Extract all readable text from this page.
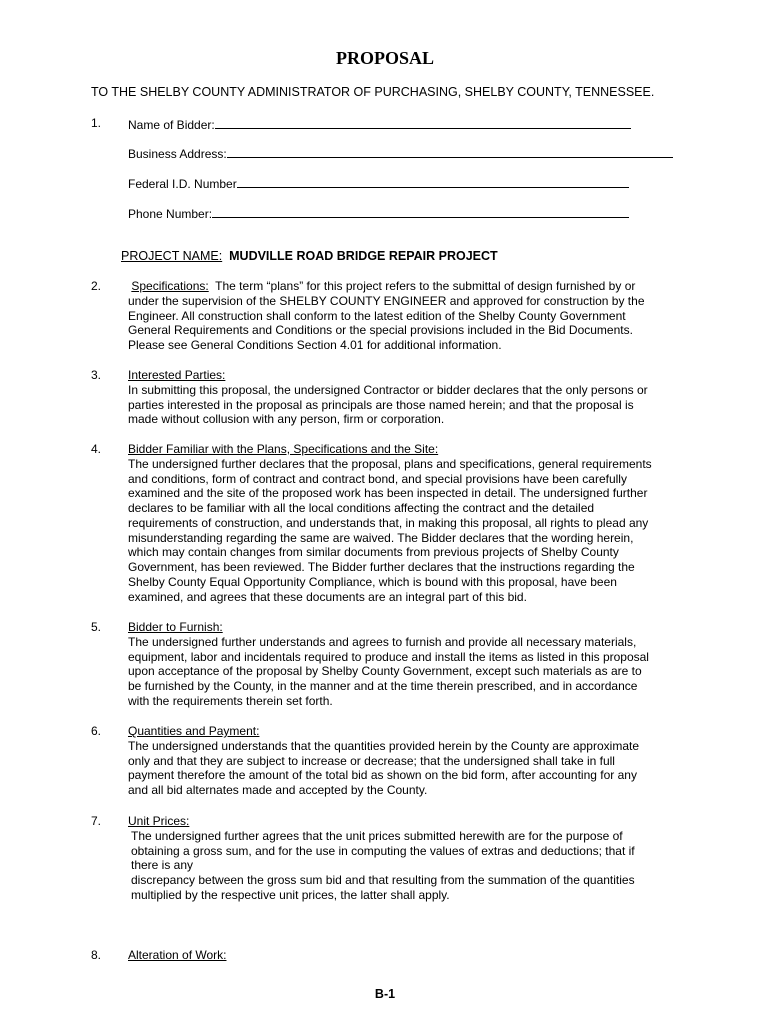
PROPOSAL
TO THE SHELBY COUNTY ADMINISTRATOR OF PURCHASING, SHELBY COUNTY, TENNESSEE.
1. Name of Bidder:
Business Address:
Federal I.D. Number
Phone Number:
PROJECT NAME: MUDVILLE ROAD BRIDGE REPAIR PROJECT
2.	Specifications: The term “plans” for this project refers to the submittal of design furnished by or

under the supervision of the SHELBY COUNTY ENGINEER and approved for construction by the

Engineer. All construction shall conform to the latest edition of the Shelby County Government

General Requirements and Conditions or the special provisions included in the Bid Documents.

Please see General Conditions Section 4.01 for additional information.

3. Interested Parties:

In submitting this proposal, the undersigned Contractor or bidder declares that the only persons or

parties interested in the proposal as principals are those named herein; and that the proposal is

made without collusion with any person, firm or corporation.

4. Bidder Familiar with the Plans, Specifications and the Site:

The undersigned further declares that the proposal, plans and specifications, general requirements

and conditions, form of contract and contract bond, and special provisions have been carefully

examined and the site of the proposed work has been inspected in detail. The undersigned further

declares to be familiar with all the local conditions affecting the contract and the detailed

requirements of construction, and understands that, in making this proposal, all rights to plead any

misunderstanding regarding the same are waived. The Bidder declares that the wording herein,

which may contain changes from similar documents from previous projects of Shelby County

Government, has been reviewed. The Bidder further declares that the instructions regarding the

Shelby County Equal Opportunity Compliance, which is bound with this proposal, have been

examined, and agrees that these documents are an integral part of this bid.

5. Bidder to Furnish:

The undersigned further understands and agrees to furnish and provide all necessary materials,

equipment, labor and incidentals required to produce and install the items as listed in this proposal

upon acceptance of the proposal by Shelby County Government, except such materials as are to

be furnished by the County, in the manner and at the time therein prescribed, and in accordance

with the requirements therein set forth.

6. Quantities and Payment:

The undersigned understands that the quantities provided herein by the County are approximate

only and that they are subject to increase or decrease; that the undersigned shall take in full

payment therefore the amount of the total bid as shown on the bid form, after accounting for any

and all bid alternates made and accepted by the County.

7. Unit Prices:

The undersigned further agrees that the unit prices submitted herewith are for the purpose of

obtaining a gross sum, and for the use in computing the values of extras and deductions; that if

there is any

discrepancy between the gross sum bid and that resulting from the summation of the quantities

multiplied by the respective unit prices, the latter shall apply.

8. Alteration of Work:

B-1
